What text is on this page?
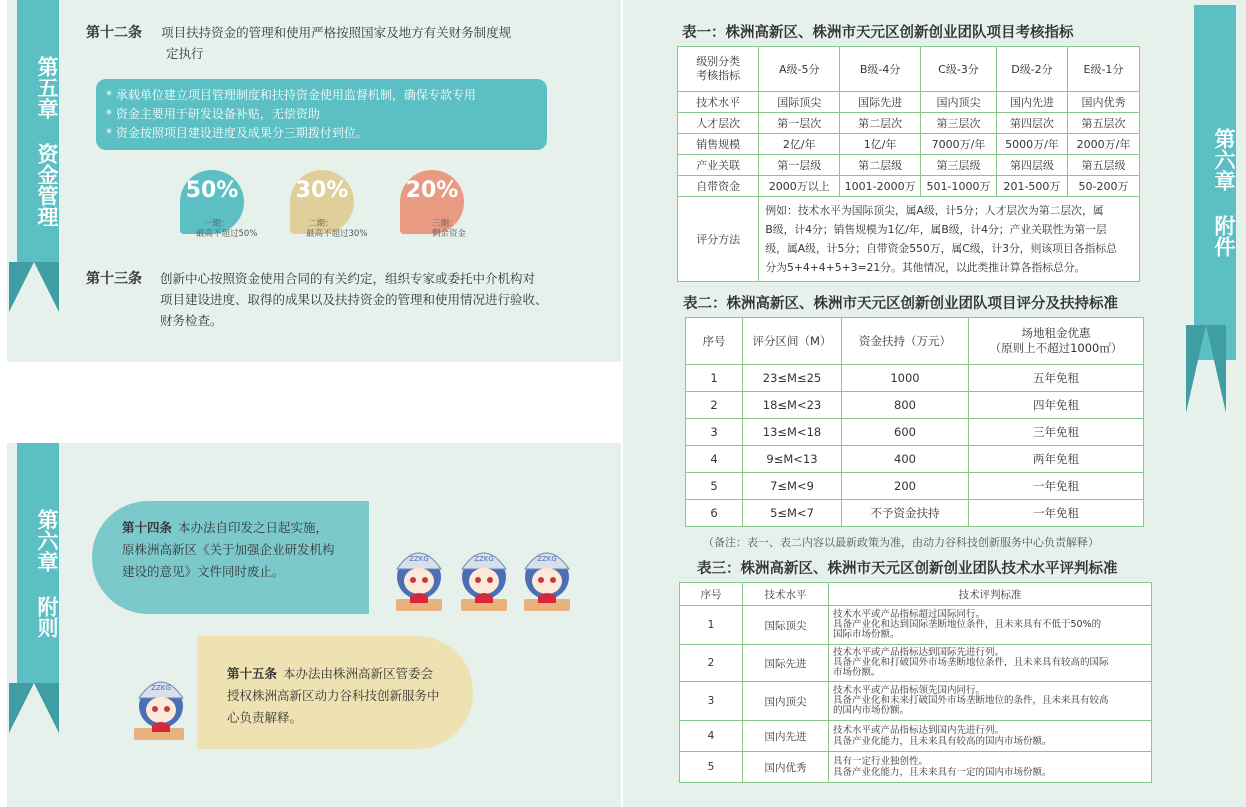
第五章 资金管理
第十二条 项目扶持资金的管理和使用严格按照国家及地方有关财务制度规
定执行
* 承载单位建立项目管理制度和扶持资金使用监督机制，确保专款专用
* 资金主要用于研发设备补贴，无偿资助
* 资金按照项目建设进度及成果分三期拨付到位。
50%	30%	20%
一期：
最高不超过50%
二期：
最高不超过30%
三期：
剩余资金
第十三条 创新中心按照资金使用合同的有关约定，组织专家或委托中介机构对
项目建设进度、取得的成果以及扶持资金的管理和使用情况进行验收、
财务检查。
第六章 附则	第十四条 本办法自印发之日起实施，
原株洲高新区《关于加强企业研发机构
建设的意见》文件同时废止。
第十五条 本办法由株洲高新区管委会
授权株洲高新区动力谷科技创新服务中
心负责解释。
ZZKG	ZZKG	ZZKG
ZZKG
第六章 附件
表一：株洲高新区、株洲市天元区创新创业团队项目考核指标
级别分类
考核指标	A级-5分	B级-4分	C级-3分	D级-2分	E级-1分
技术水平	国际顶尖	国际先进	国内顶尖	国内先进	国内优秀
人才层次	第一层次	第二层次	第三层次	第四层次	第五层次
销售规模	2亿/年	1亿/年	7000万/年	5000万/年	2000万/年
产业关联	第一层级	第二层级	第三层级	第四层级	第五层级
自带资金	2000万以上	1001-2000万	501-1000万	201-500万	50-200万
评分方法	例如：技术水平为国际顶尖，属A级，计5分；人才层次为第二层次，属
B级，计4分；销售规模为1亿/年，属B级，计4分；产业关联性为第一层
级，属A级，计5分；自带资金550万，属C级，计3分，则该项目各指标总
分为5+4+4+5+3=21分。其他情况，以此类推计算各指标总分。				
表二：株洲高新区、株洲市天元区创新创业团队项目评分及扶持标准
序号	评分区间（M）	资金扶持（万元）	场地租金优惠
（原则上不超过1000㎡）

1	23≤M≤25	1000	五年免租
2	18≤M<23	800	四年免租
3	13≤M<18	600	三年免租
4	9≤M<13	400	两年免租
5	7≤M<9	200	一年免租
6	5≤M<7	不予资金扶持	一年免租
（备注：表一、表二内容以最新政策为准，由动力谷科技创新服务中心负责解释）
表三：株洲高新区、株洲市天元区创新创业团队技术水平评判标准
序号	技术水平	技术评判标准
1	国际顶尖	技术水平或产品指标超过国际同行。
具备产业化和达到国际垄断地位条件，且未来具有不低于50%的
国际市场份额。

2	国际先进	技术水平或产品指标达到国际先进行列。
具备产业化和打破国外市场垄断地位条件，且未来具有较高的国际
市场份额。

3	国内顶尖	技术水平或产品指标领先国内同行。
具备产业化和未来打破国外市场垄断地位的条件，且未来具有较高
的国内市场份额。

4	国内先进	技术水平或产品指标达到国内先进行列。
具备产业化能力，且未来具有较高的国内市场份额。

5	国内优秀	具有一定行业独创性。
具备产业化能力，且未来具有一定的国内市场份额。
